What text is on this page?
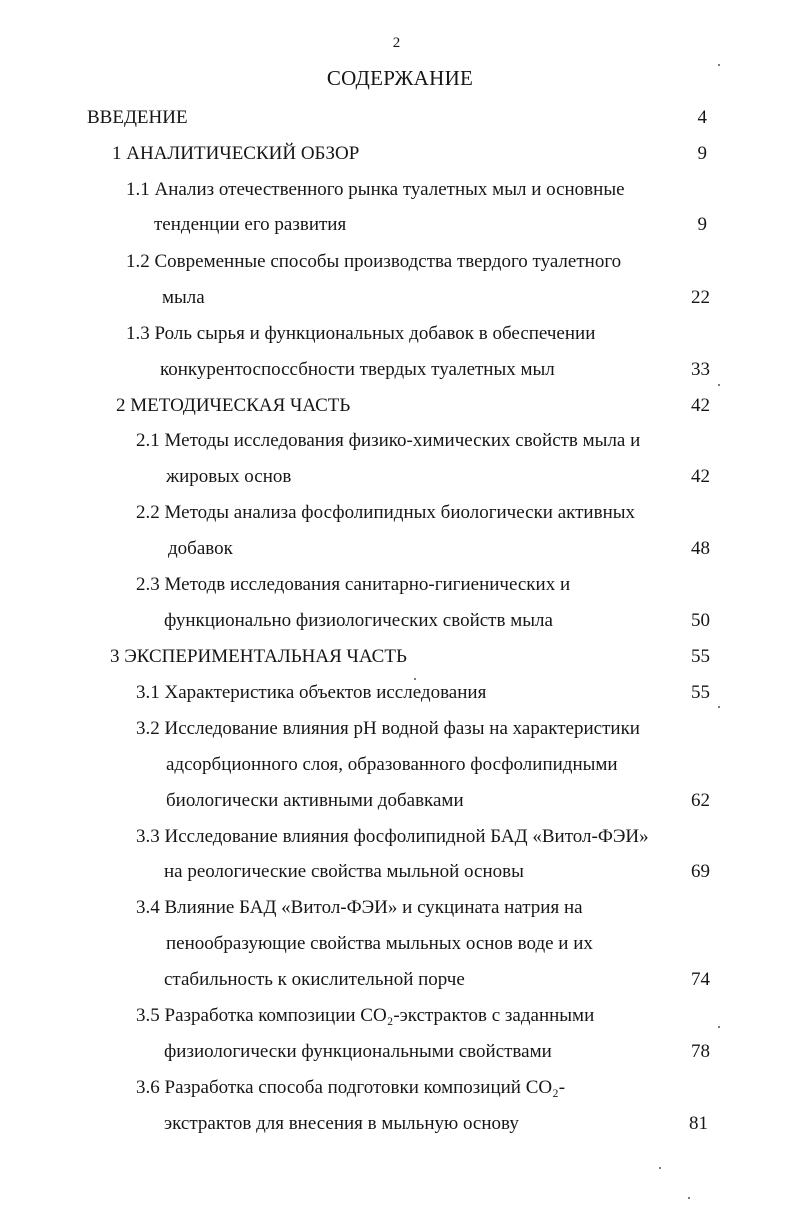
2
СОДЕРЖАНИЕ
ВВЕДЕНИЕ	4
1 АНАЛИТИЧЕСКИЙ ОБЗОР	9
1.1 Анализ отечественного рынка туалетных мыл и основные
тенденции его развития	9
1.2 Современные способы производства твердого туалетного
мыла	22
1.3 Роль сырья и функциональных добавок в обеспечении
конкурентоспоссбности твердых туалетных мыл	33
2 МЕТОДИЧЕСКАЯ ЧАСТЬ	42
2.1 Методы исследования физико-химических свойств мыла и
жировых основ	42
2.2 Методы анализа фосфолипидных биологически активных
добавок	48
2.3 Методв исследования санитарно-гигиенических и
функционально физиологических свойств мыла	50
3 ЭКСПЕРИМЕНТАЛЬНАЯ ЧАСТЬ	55
3.1 Характеристика объектов исследования	55
3.2 Исследование влияния pH водной фазы на характеристики
адсорбционного слоя, образованного фосфолипидными
биологически активными добавками	62
3.3 Исследование влияния фосфолипидной БАД «Витол-ФЭИ»
на реологические свойства мыльной основы	69
3.4 Влияние БАД «Витол-ФЭИ» и сукцината натрия на
пенообразующие свойства мыльных основ воде и их
стабильность к окислительной порче	74
3.5 Разработка композиции CO₂-экстрактов с заданными
физиологически функциональными свойствами	78
3.6 Разработка способа подготовки композиций CO₂-
экстрактов для внесения в мыльную основу	81
